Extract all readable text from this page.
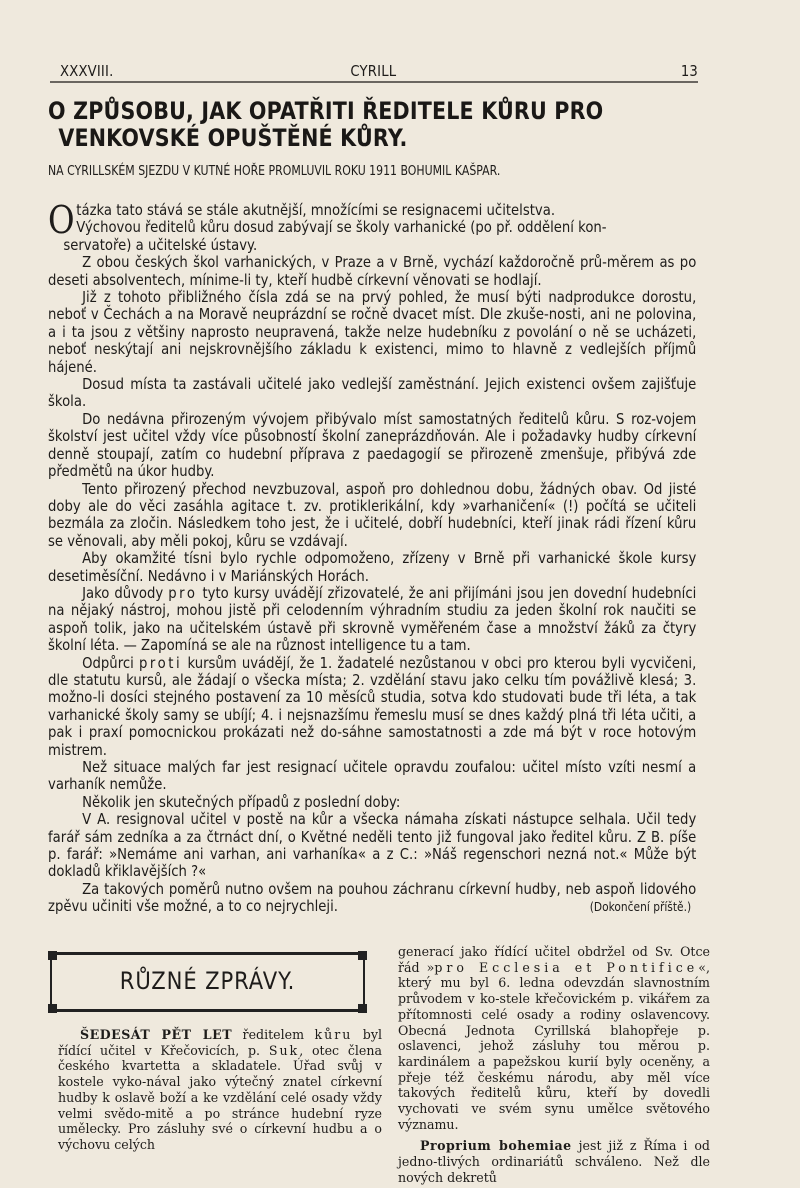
XXXVIII.	CYRILL	13
O ZPŮSOBU, JAK OPATŘITI ŘEDITELE KŮRU PRO
VENKOVSKÉ OPUŠTĚNÉ KŮRY.
NA CYRILLSKÉM SJEZDU V KUTNÉ HOŘE PROMLUVIL ROKU 1911 BOHUMIL KAŠPAR.

Otázka tato stává se stále akutnější, množícími se resignacemi učitelstva.

Výchovou ředitelů kůru dosud zabývají se školy varhanické (po př. oddělení kon-
servatoře) a učitelské ústavy.

Z obou českých škol varhanických, v Praze a v Brně, vychází každoročně prů-měrem as po deseti absolventech, mínime-li ty, kteří hudbě církevní věnovati se hodlají.

Již z tohoto přibližného čísla zdá se na prvý pohled, že musí býti nadprodukce dorostu, neboť v Čechách a na Moravě neuprázdní se ročně dvacet míst. Dle zkuše-nosti, ani ne polovina, a i ta jsou z většiny naprosto neupravená, takže nelze hudebníku z povolání o ně se ucházeti, neboť neskýtají ani nejskrovnějšího základu k existenci, mimo to hlavně z vedlejších příjmů hájené.

Dosud místa ta zastávali učitelé jako vedlejší zaměstnání. Jejich existenci ovšem zajišťuje škola.

Do nedávna přirozeným vývojem přibývalo míst samostatných ředitelů kůru. S roz-vojem školství jest učitel vždy více působností školní zaneprázdňován. Ale i požadavky hudby církevní denně stoupají, zatím co hudební příprava z paedagogií se přirozeně zmenšuje, přibývá zde předmětů na úkor hudby.

Tento přirozený přechod nevzbuzoval, aspoň pro dohlednou dobu, žádných obav. Od jisté doby ale do věci zasáhla agitace t. zv. protiklerikální, kdy »varhaničení« (!) počítá se učiteli bezmála za zločin. Následkem toho jest, že i učitelé, dobří hudebníci, kteří jinak rádi řízení kůru se věnovali, aby měli pokoj, kůru se vzdávají.

Aby okamžité tísni bylo rychle odpomoženo, zřízeny v Brně při varhanické škole kursy desetiměsíční. Nedávno i v Mariánských Horách.

Jako důvody pro tyto kursy uvádějí zřizovatelé, že ani přijímáni jsou jen dovední hudebníci na nějaký nástroj, mohou jistě při celodenním výhradním studiu za jeden školní rok naučiti se aspoň tolik, jako na učitelském ústavě při skrovně vyměřeném čase a množství žáků za čtyry školní léta. — Zapomíná se ale na různost intelligence tu a tam.

Odpůrci proti kursům uvádějí, že 1. žadatelé nezůstanou v obci pro kterou byli vycvičeni, dle statutu kursů, ale žádají o všecka místa; 2. vzdělání stavu jako celku tím povážlivě klesá; 3. možno-li dosíci stejného postavení za 10 měsíců studia, sotva kdo studovati bude tři léta, a tak varhanické školy samy se ubíjí; 4. i nejsnazšímu řemeslu musí se dnes každý plná tři léta učiti, a pak i praxí pomocnickou prokázati než do-sáhne samostatnosti a zde má být v roce hotovým mistrem.

Než situace malých far jest resignací učitele opravdu zoufalou: učitel místo vzíti nesmí a varhaník nemůže.

Několik jen skutečných případů z poslední doby:

V A. resignoval učitel v postě na kůr a všecka námaha získati nástupce selhala. Učil tedy farář sám zedníka a za čtrnáct dní, o Květné neděli tento již fungoval jako ředitel kůru. Z B. píše p. farář: »Nemáme ani varhan, ani varhaníka« a z C.: »Náš regenschori nezná not.« Může být dokladů křiklavějších ?«

Za takových poměrů nutno ovšem na pouhou záchranu církevní hudby, neb aspoň lidového zpěvu učiniti vše možné, a to co nejrychleji.	(Dokončení příště.)

RŮZNÉ ZPRÁVY.

ŠEDESÁT PĚT LET ředitelem kůru byl řídící učitel v Křečovicích, p. Suk, otec člena českého kvartetta a skladatele. Úřad svůj v kostele vyko-nával jako výtečný znatel církevní hudby k oslavě boží a ke vzdělání celé osady vždy velmi svědo-mitě a po stránce hudební ryze umělecky. Pro zásluhy své o církevní hudbu a o výchovu celých

generací jako řídící učitel obdržel od Sv. Otce řád »pro Ecclesia et Pontifice«, který mu byl 6. ledna odevzdán slavnostním průvodem v ko-stele křečovickém p. vikářem za přítomnosti celé osady a rodiny oslavencovy. Obecná Jednota Cyrillská blahopřeje p. oslavenci, jehož zásluhy tou měrou p. kardinálem a papežskou kurií byly oceněny, a přeje též českému národu, aby měl více takových ředitelů kůru, kteří by dovedli vychovati ve svém synu umělce světového významu.

Proprium bohemiae jest již z Říma i od jedno-tlivých ordinariátů schváleno. Než dle nových dekretů
